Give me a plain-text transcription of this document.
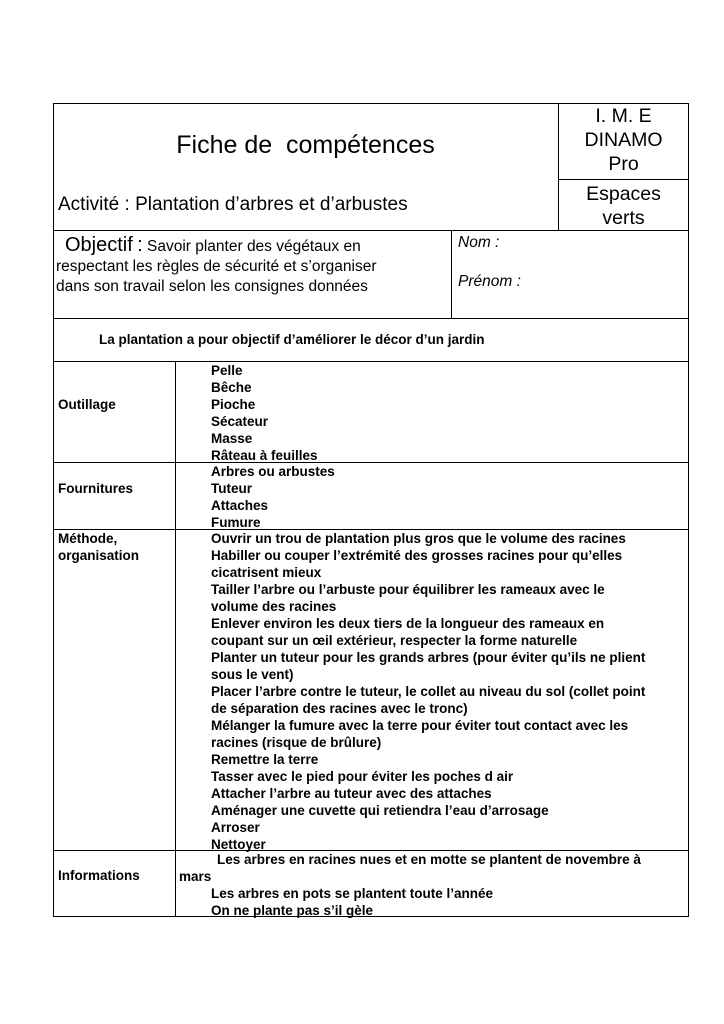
Fiche de  compétences
Activité : Plantation d’arbres et d’arbustes
I. M. E
DINAMO
Pro
Espaces
verts
Objectif : Savoir planter des végétaux en
respectant les règles de sécurité et s’organiser
dans son travail selon les consignes données
Nom :
Prénom :
La plantation a pour objectif d’améliorer le décor d’un jardin
Outillage
Pelle
Bêche
Pioche
Sécateur
Masse
Râteau à feuilles
Fournitures
Arbres ou arbustes
Tuteur
Attaches
Fumure
Méthode,
organisation
Ouvrir un trou de plantation plus gros que le volume des racines
Habiller ou couper l’extrémité des grosses racines pour qu’elles
cicatrisent mieux
Tailler l’arbre ou l’arbuste pour équilibrer les rameaux avec le
volume des racines
Enlever environ les deux tiers de la longueur des rameaux en
coupant sur un œil extérieur, respecter la forme naturelle
Planter un tuteur pour les grands arbres (pour éviter qu’ils ne plient
sous le vent)
Placer l’arbre contre le tuteur, le collet au niveau du sol (collet point
de séparation des racines avec le tronc)
Mélanger la fumure avec la terre pour éviter tout contact avec les
racines (risque de brûlure)
Remettre la terre
Tasser avec le pied pour éviter les poches d air
Attacher l’arbre au tuteur avec des attaches
Aménager une cuvette qui retiendra l’eau d’arrosage
Arroser
Nettoyer
Informations
Les arbres en racines nues et en motte se plantent de novembre à
mars
Les arbres en pots se plantent toute l’année
On ne plante pas s’il gèle
